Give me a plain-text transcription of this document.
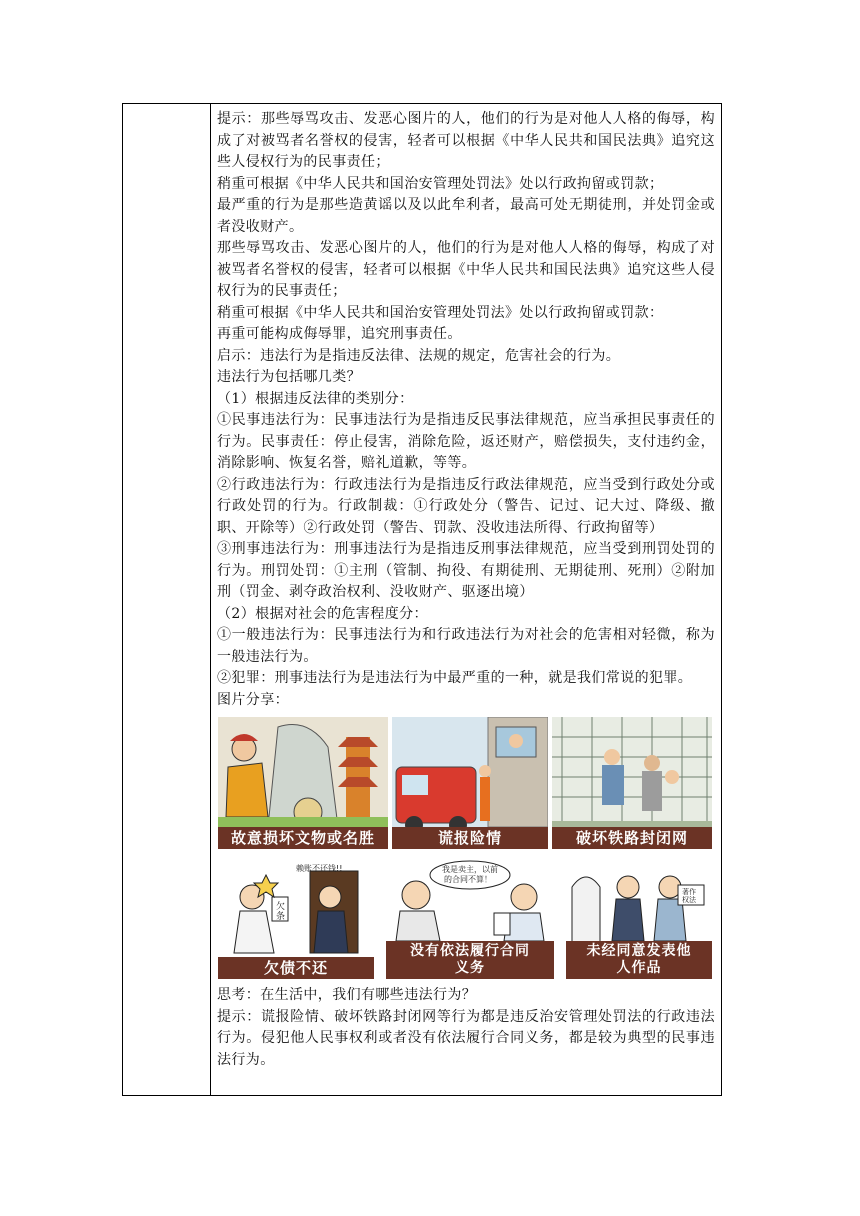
提示：那些辱骂攻击、发恶心图片的人，他们的行为是对他人人格的侮辱，构成了对被骂者名誉权的侵害，轻者可以根据《中华人民共和国民法典》追究这些人侵权行为的民事责任；

稍重可根据《中华人民共和国治安管理处罚法》处以行政拘留或罚款；

最严重的行为是那些造黄谣以及以此牟利者，最高可处无期徒刑，并处罚金或者没收财产。

那些辱骂攻击、发恶心图片的人，他们的行为是对他人人格的侮辱，构成了对被骂者名誉权的侵害，轻者可以根据《中华人民共和国民法典》追究这些人侵权行为的民事责任；

稍重可根据《中华人民共和国治安管理处罚法》处以行政拘留或罚款：

再重可能构成侮辱罪，追究刑事责任。

启示：违法行为是指违反法律、法规的规定，危害社会的行为。

违法行为包括哪几类？

（1）根据违反法律的类别分：

①民事违法行为：民事违法行为是指违反民事法律规范，应当承担民事责任的行为。民事责任：停止侵害，消除危险，返还财产，赔偿损失，支付违约金，消除影响、恢复名誉，赔礼道歉，等等。

②行政违法行为：行政违法行为是指违反行政法律规范，应当受到行政处分或行政处罚的行为。行政制裁：①行政处分（警告、记过、记大过、降级、撤职、开除等）②行政处罚（警告、罚款、没收违法所得、行政拘留等）

③刑事违法行为：刑事违法行为是指违反刑事法律规范，应当受到刑罚处罚的行为。刑罚处罚：①主刑（管制、拘役、有期徒刑、无期徒刑、死刑）②附加刑（罚金、剥夺政治权利、没收财产、驱逐出境）

（2）根据对社会的危害程度分：

①一般违法行为：民事违法行为和行政违法行为对社会的危害相对轻微，称为一般违法行为。

②犯罪：刑事违法行为是违法行为中最严重的一种，就是我们常说的犯罪。

图片分享：

故意损坏文物或名胜	谎报险情	破坏铁路封闭网
欠
条
赖账不还钱!!
欠债不还
我是卖主，以前
的合同不算！
没有依法履行合同
义务
著作
权法
未经同意发表他
人作品

思考：在生活中，我们有哪些违法行为？

提示：谎报险情、破坏铁路封闭网等行为都是违反治安管理处罚法的行政违法行为。侵犯他人民事权利或者没有依法履行合同义务，都是较为典型的民事违法行为。
